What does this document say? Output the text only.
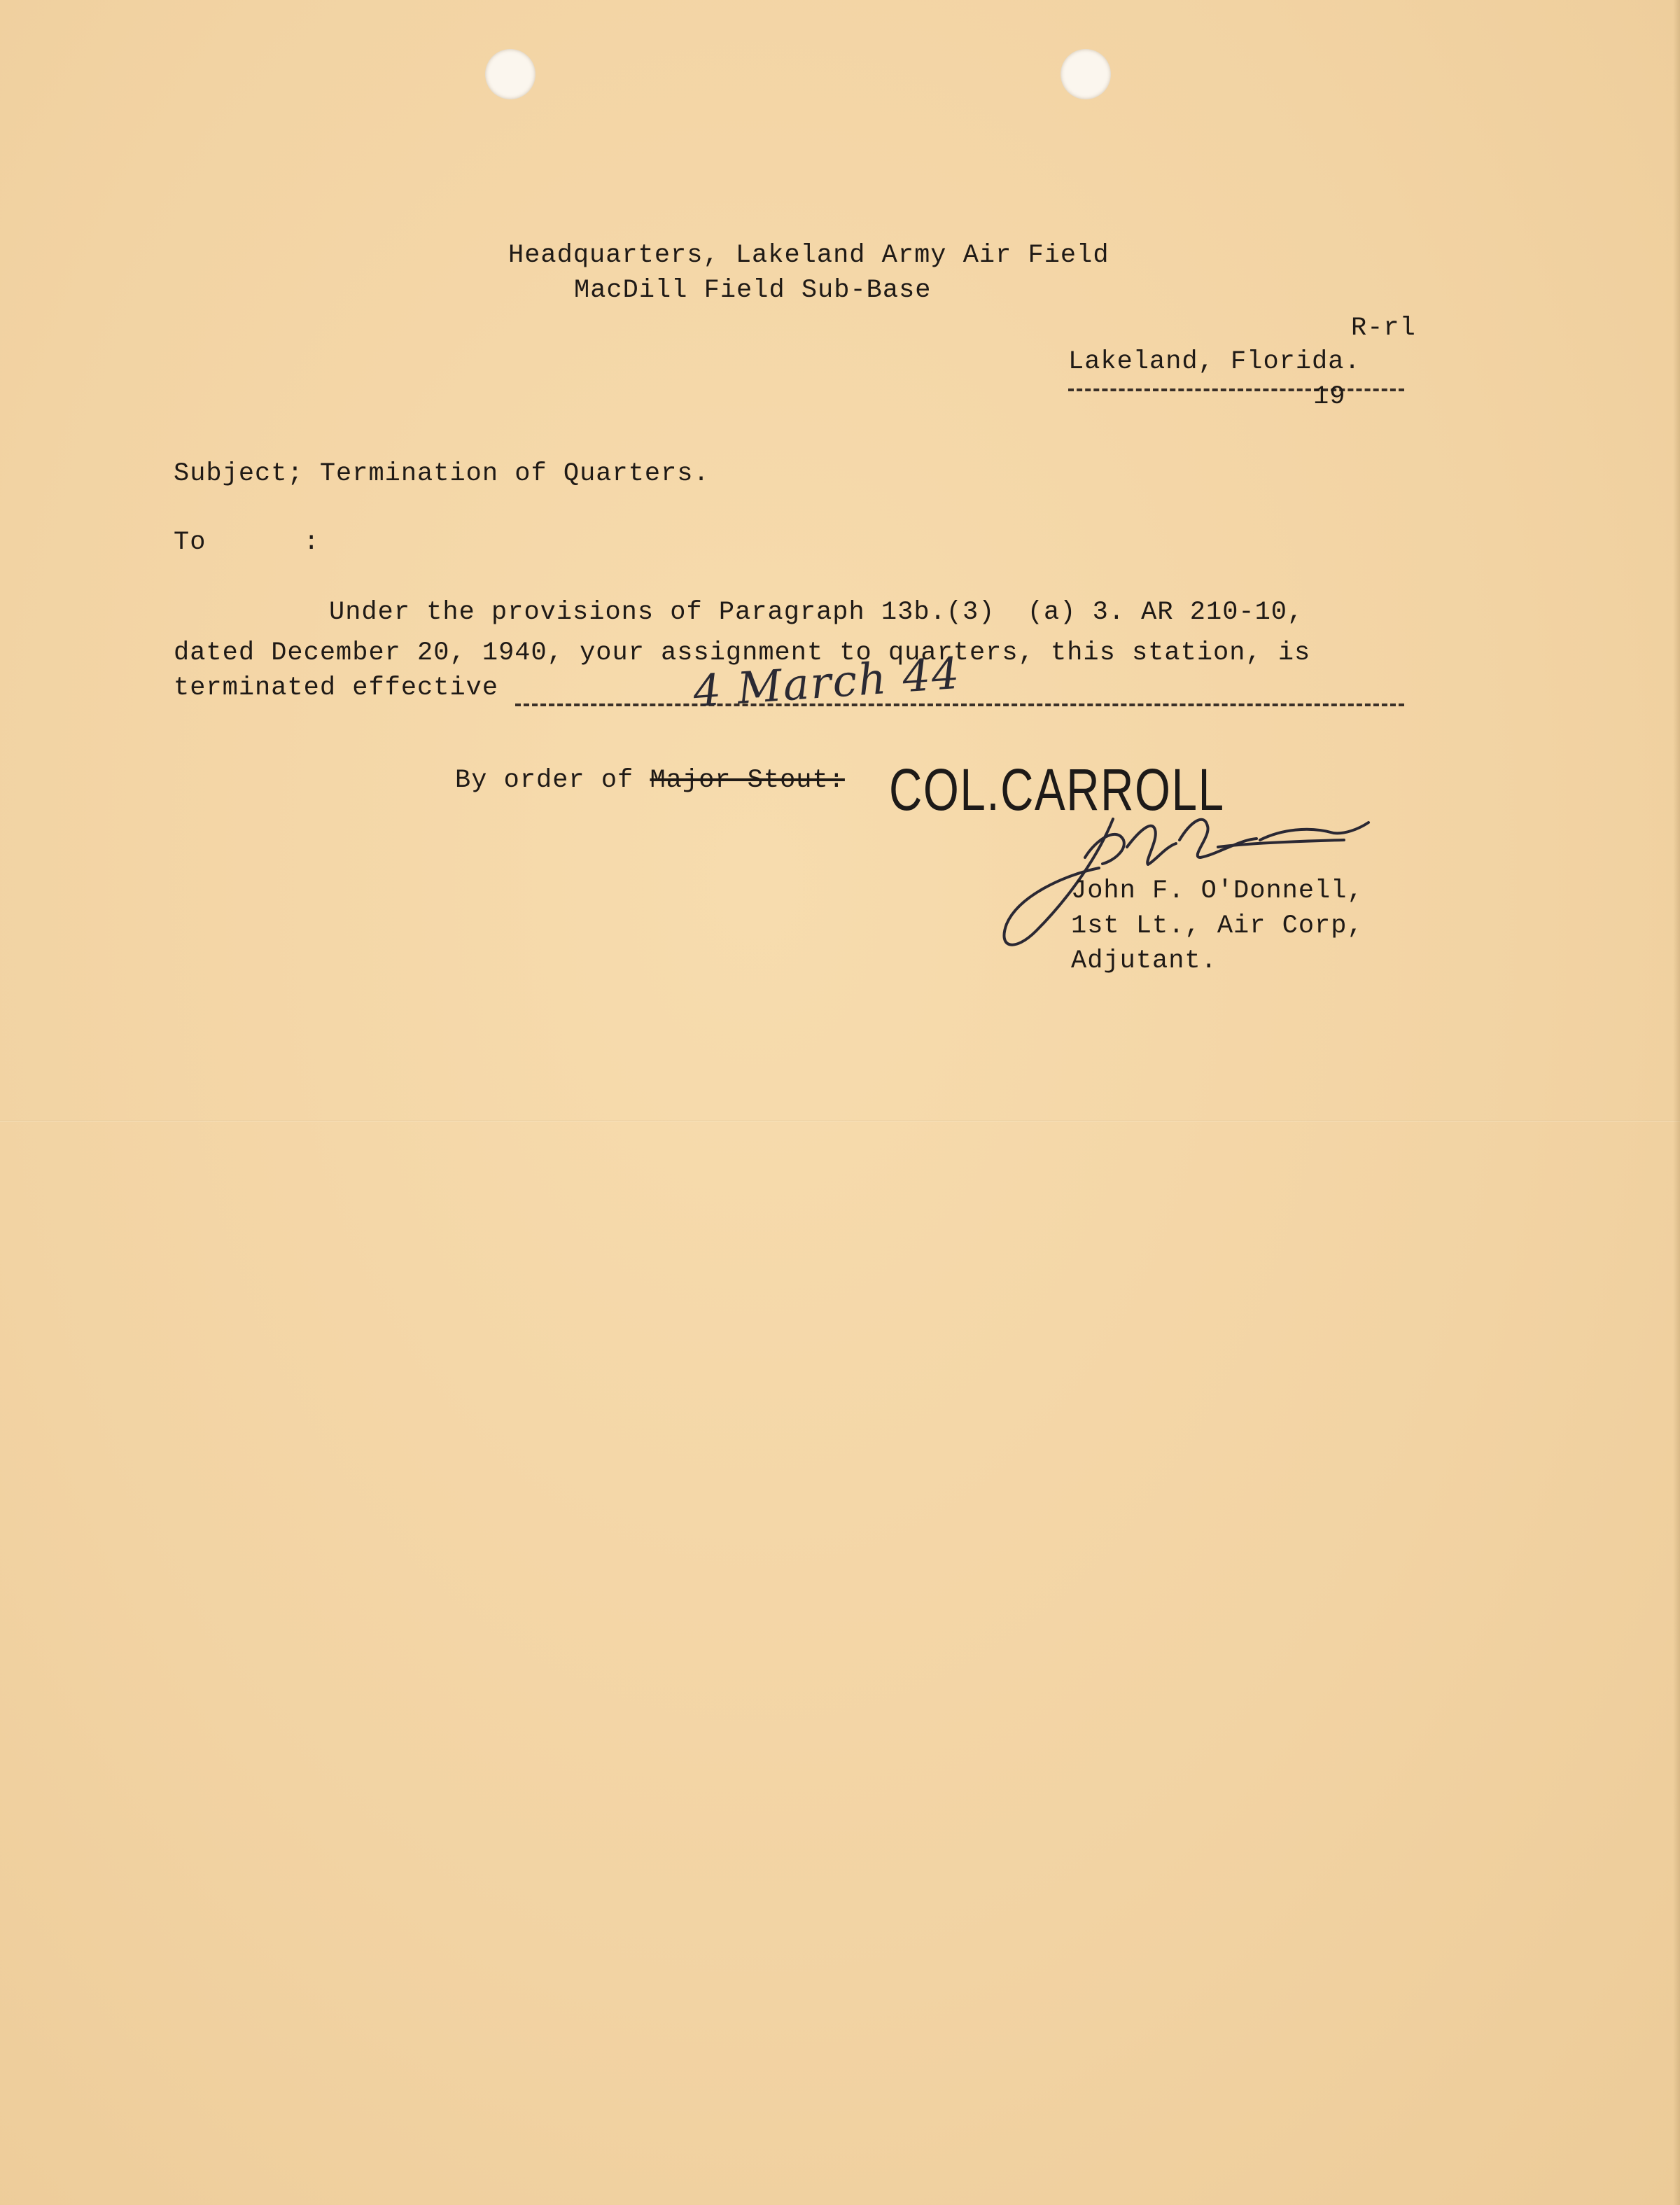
Headquarters, Lakeland Army Air Field
MacDill Field Sub-Base
R-rl
Lakeland, Florida.
19
Subject; Termination of Quarters.
To      :
Under the provisions of Paragraph 13b.(3)  (a) 3. AR 210-10,
dated December 20, 1940, your assignment to quarters, this station, is
terminated effective	4 March 44
By order of Major Stout: COL.CARROLL
John F. O'Donnell,
1st Lt., Air Corp,
Adjutant.
